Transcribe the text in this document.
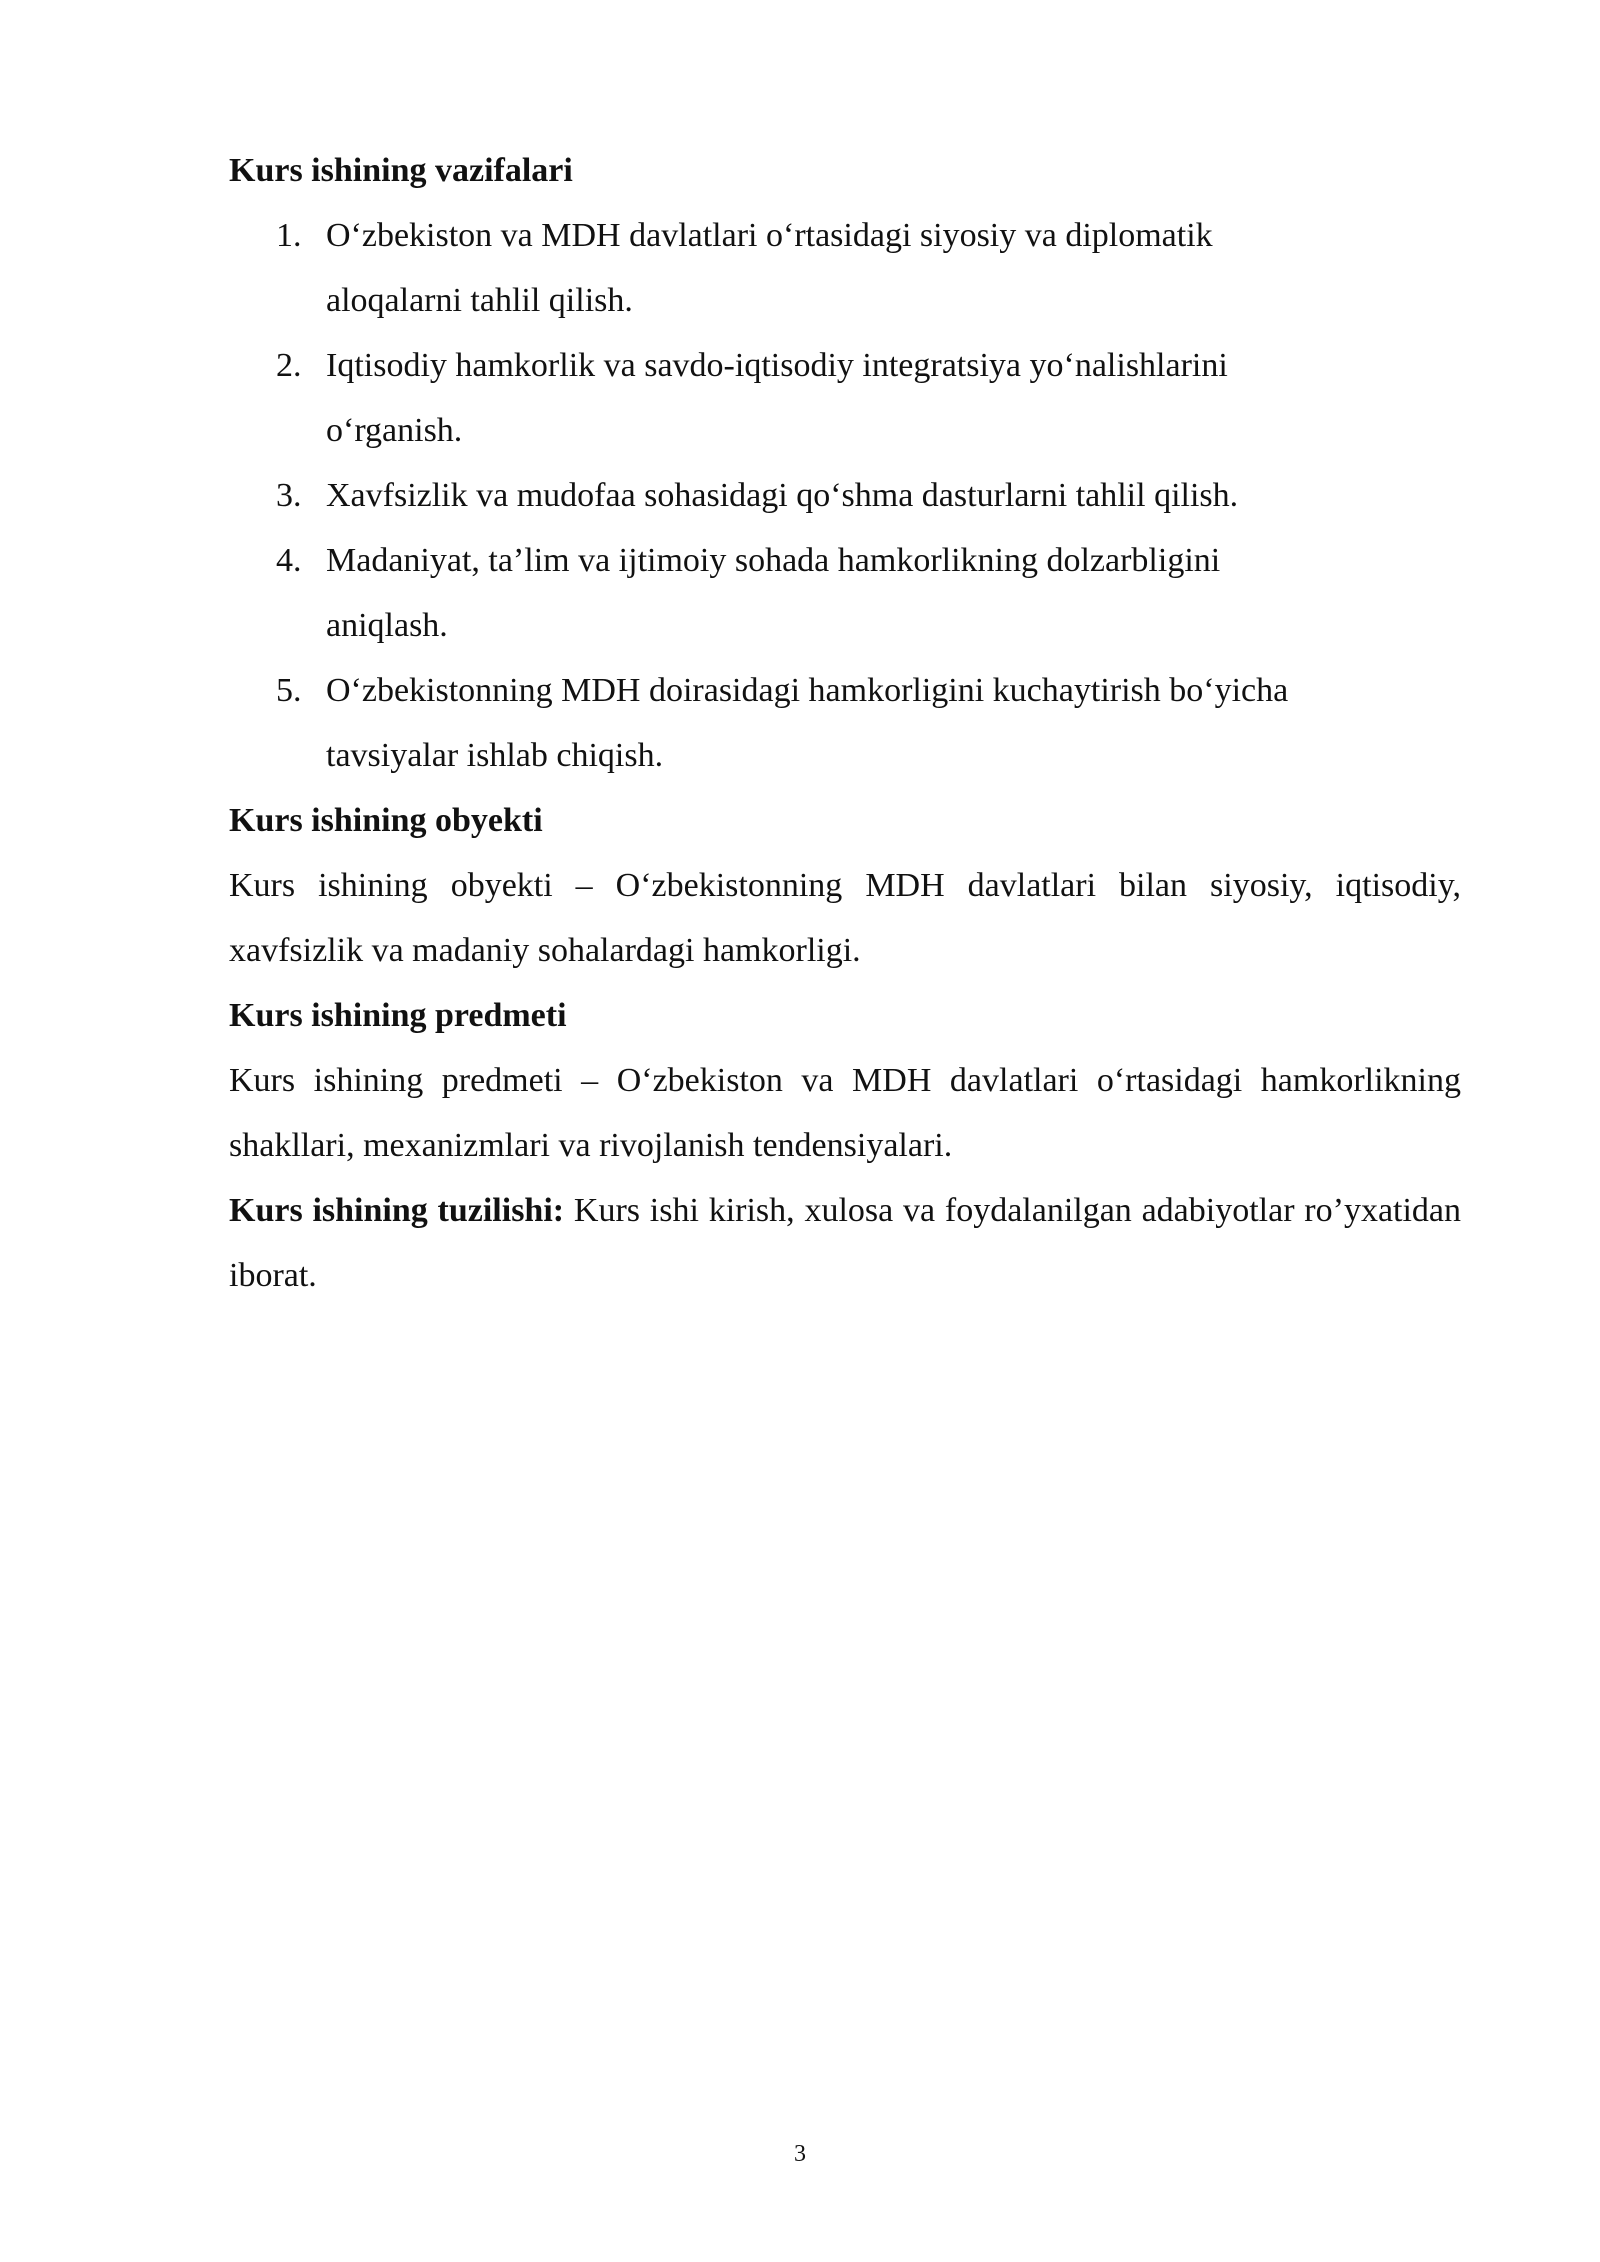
Kurs ishining vazifalari

1. O‘zbekiston va MDH davlatlari o‘rtasidagi siyosiy va diplomatik aloqalarni tahlil qilish.
2. Iqtisodiy hamkorlik va savdo-iqtisodiy integratsiya yo‘nalishlarini o‘rganish.
3. Xavfsizlik va mudofaa sohasidagi qo‘shma dasturlarni tahlil qilish.
4. Madaniyat, ta’lim va ijtimoiy sohada hamkorlikning dolzarbligini aniqlash.
5. O‘zbekistonning MDH doirasidagi hamkorligini kuchaytirish bo‘yicha tavsiyalar ishlab chiqish.

Kurs ishining obyekti

Kurs ishining obyekti – O‘zbekistonning MDH davlatlari bilan siyosiy, iqtisodiy, xavfsizlik va madaniy sohalardagi hamkorligi.

Kurs ishining predmeti

Kurs ishining predmeti – O‘zbekiston va MDH davlatlari o‘rtasidagi hamkorlikning shakllari, mexanizmlari va rivojlanish tendensiyalari.

Kurs ishining tuzilishi: Kurs ishi kirish, xulosa va foydalanilgan adabiyotlar ro’yxatidan iborat.

3
